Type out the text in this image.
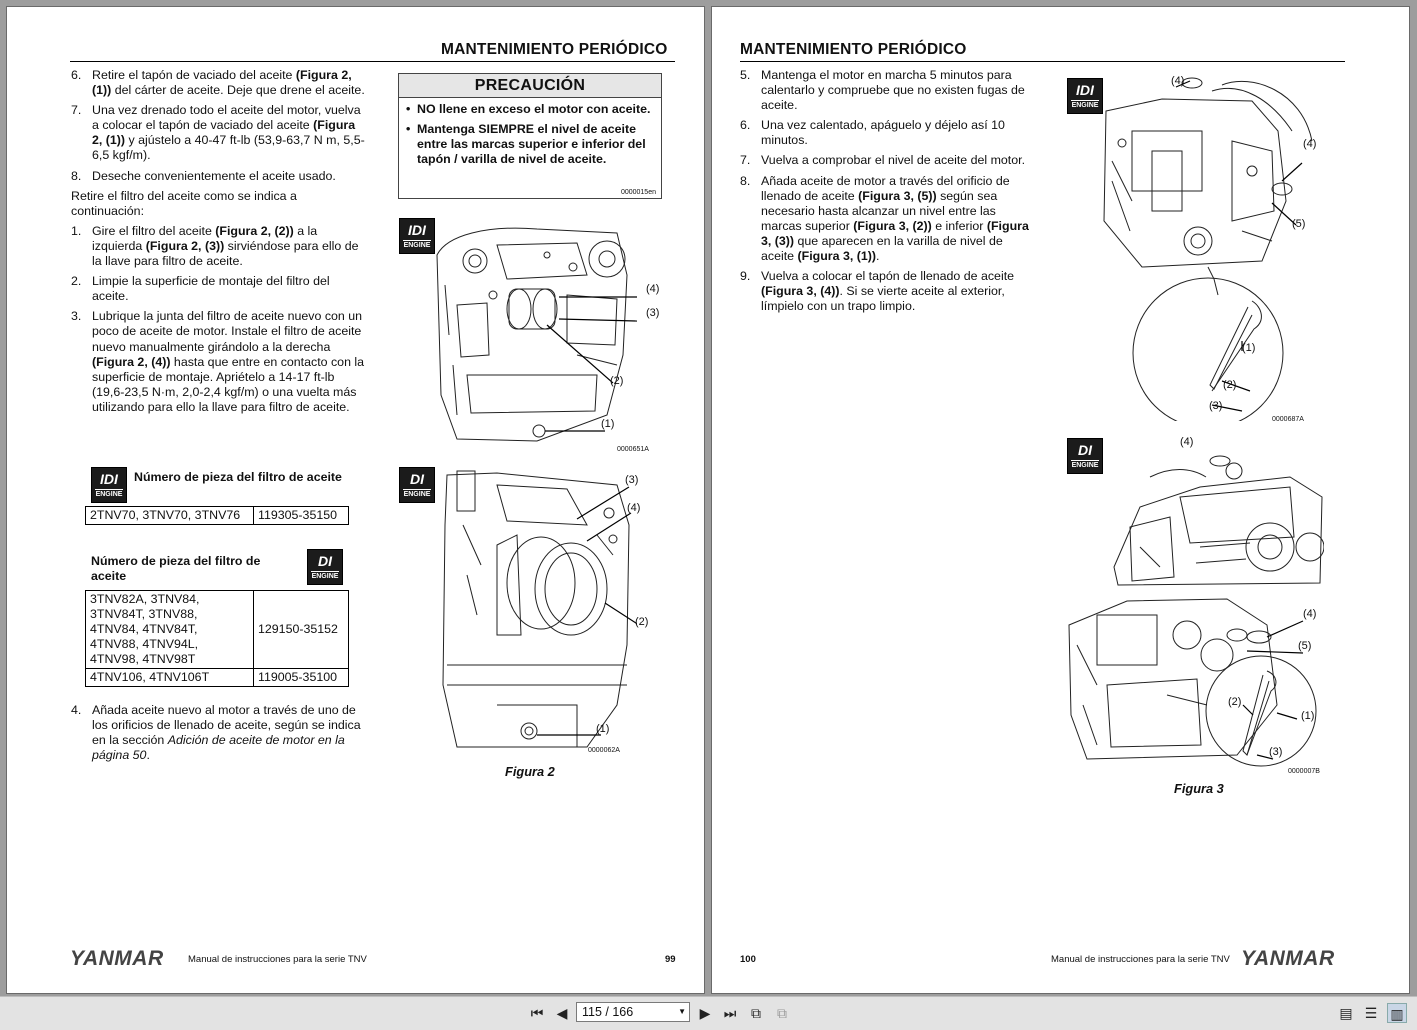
MANTENIMIENTO PERIÓDICO
6. Retire el tapón de vaciado del aceite (Figura 2, (1)) del cárter de aceite. Deje que drene el aceite.
7. Una vez drenado todo el aceite del motor, vuelva a colocar el tapón de vaciado del aceite (Figura 2, (1)) y ajústelo a 40-47 ft-lb (53,9-63,7 N m, 5,5-6,5 kgf/m).
8. Deseche convenientemente el aceite usado.

Retire el filtro del aceite como se indica a continuación:

1. Gire el filtro del aceite (Figura 2, (2)) a la izquierda (Figura 2, (3)) sirviéndose para ello de la llave para filtro de aceite.
2. Limpie la superficie de montaje del filtro del aceite.
3. Lubrique la junta del filtro de aceite nuevo con un poco de aceite de motor. Instale el filtro de aceite nuevo manualmente girándolo a la derecha (Figura 2, (4)) hasta que entre en contacto con la superficie de montaje. Apriételo a 14-17 ft-lb (19,6-23,5 N·m, 2,0-2,4 kgf/m) o una vuelta más utilizando para ello la llave para filtro de aceite.
IDI
ENGINE
Número de pieza del filtro de aceite
2TNV70, 3TNV70, 3TNV76	119305-35150
Número de pieza del filtro de aceite
DI
ENGINE
3TNV82A, 3TNV84, 3TNV84T, 3TNV88, 4TNV84, 4TNV84T, 4TNV88, 4TNV94L, 4TNV98, 4TNV98T	129150-35152
4TNV106, 4TNV106T	119005-35100
4. Añada aceite nuevo al motor a través de uno de los orificios de llenado de aceite, según se indica en la sección Adición de aceite de motor en la página 50.
PRECAUCIÓN
• NO llene en exceso el motor con aceite.
• Mantenga SIEMPRE el nivel de aceite entre las marcas superior e inferior del tapón / varilla de nivel de aceite.
0000015en
IDI
ENGINE
(4)
(3)
(2)
(1)
0000651A
DI
ENGINE
(3)
(4)
(2)
(1)
0000062A
Figura 2
YANMAR	Manual de instrucciones para la serie TNV	99
MANTENIMIENTO PERIÓDICO
5. Mantenga el motor en marcha 5 minutos para calentarlo y compruebe que no existen fugas de aceite.
6. Una vez calentado, apáguelo y déjelo así 10 minutos.
7. Vuelva a comprobar el nivel de aceite del motor.
8. Añada aceite de motor a través del orificio de llenado de aceite (Figura 3, (5)) según sea necesario hasta alcanzar un nivel entre las marcas superior (Figura 3, (2)) e inferior (Figura 3, (3)) que aparecen en la varilla de nivel de aceite (Figura 3, (1)).
9. Vuelva a colocar el tapón de llenado de aceite (Figura 3, (4)). Si se vierte aceite al exterior, límpielo con un trapo limpio.
IDI
ENGINE
(4)
(4)
(5)
(1)
(2)
(3)
0000687A
DI
ENGINE
(4)
(4)
(5)
(2)
(1)
(3)
0000007B
Figura 3
100	Manual de instrucciones para la serie TNV YANMAR
⏮ ◀	115 / 166	▼ ▶ ⏭	⧉	⧉	▤ ☰ ▥
